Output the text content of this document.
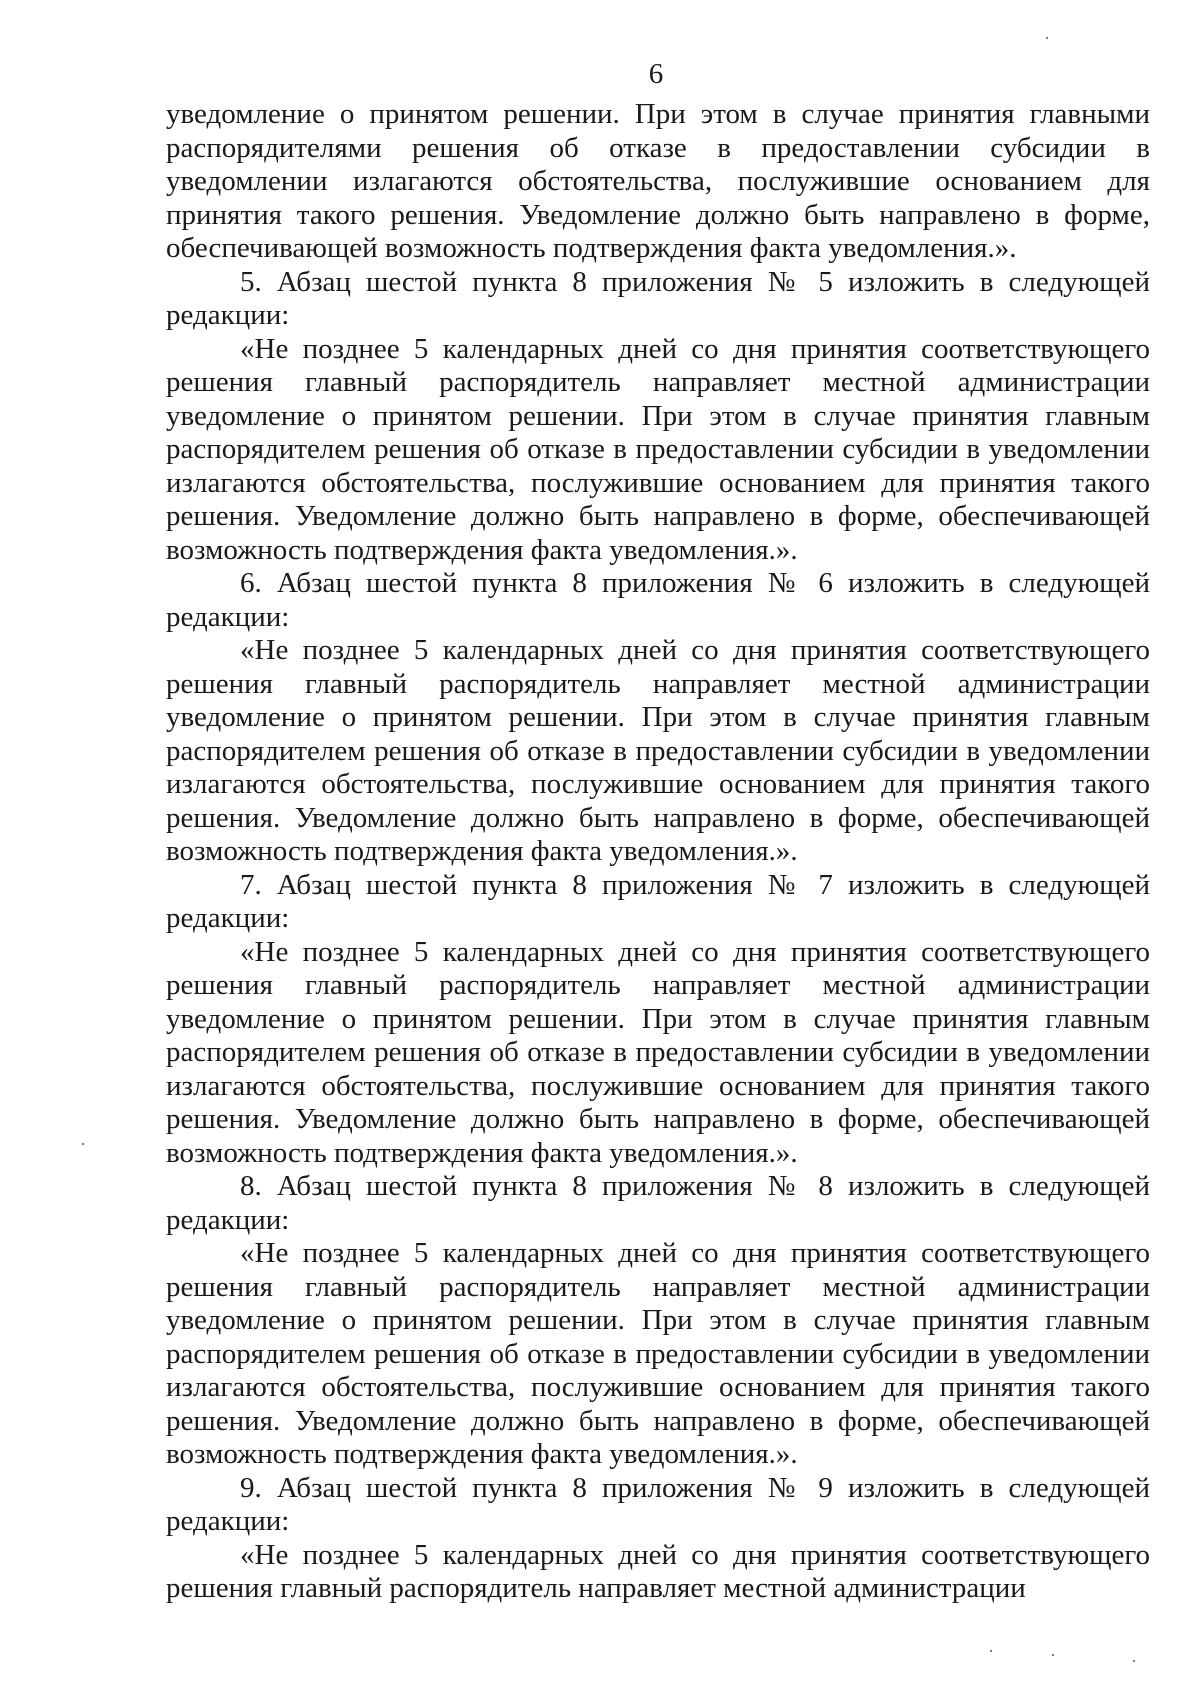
6

уведомление о принятом решении. При этом в случае принятия главными распорядителями решения об отказе в предоставлении субсидии в уведомлении излагаются обстоятельства, послужившие основанием для принятия такого решения. Уведомление должно быть направлено в форме, обеспечивающей возможность подтверждения факта уведомления.».

5. Абзац шестой пункта 8 приложения № 5 изложить в следующей редакции:

«Не позднее 5 календарных дней со дня принятия соответствующего решения главный распорядитель направляет местной администрации уведомление о принятом решении. При этом в случае принятия главным распорядителем решения об отказе в предоставлении субсидии в уведомлении излагаются обстоятельства, послужившие основанием для принятия такого решения. Уведомление должно быть направлено в форме, обеспечивающей возможность подтверждения факта уведомления.».

6. Абзац шестой пункта 8 приложения № 6 изложить в следующей редакции:

«Не позднее 5 календарных дней со дня принятия соответствующего решения главный распорядитель направляет местной администрации уведомление о принятом решении. При этом в случае принятия главным распорядителем решения об отказе в предоставлении субсидии в уведомлении излагаются обстоятельства, послужившие основанием для принятия такого решения. Уведомление должно быть направлено в форме, обеспечивающей возможность подтверждения факта уведомления.».

7. Абзац шестой пункта 8 приложения № 7 изложить в следующей редакции:

«Не позднее 5 календарных дней со дня принятия соответствующего решения главный распорядитель направляет местной администрации уведомление о принятом решении. При этом в случае принятия главным распорядителем решения об отказе в предоставлении субсидии в уведомлении излагаются обстоятельства, послужившие основанием для принятия такого решения. Уведомление должно быть направлено в форме, обеспечивающей возможность подтверждения факта уведомления.».

8. Абзац шестой пункта 8 приложения № 8 изложить в следующей редакции:

«Не позднее 5 календарных дней со дня принятия соответствующего решения главный распорядитель направляет местной администрации уведомление о принятом решении. При этом в случае принятия главным распорядителем решения об отказе в предоставлении субсидии в уведомлении излагаются обстоятельства, послужившие основанием для принятия такого решения. Уведомление должно быть направлено в форме, обеспечивающей возможность подтверждения факта уведомления.».

9. Абзац шестой пункта 8 приложения № 9 изложить в следующей редакции:

«Не позднее 5 календарных дней со дня принятия соответствующего решения главный распорядитель направляет местной администрации
